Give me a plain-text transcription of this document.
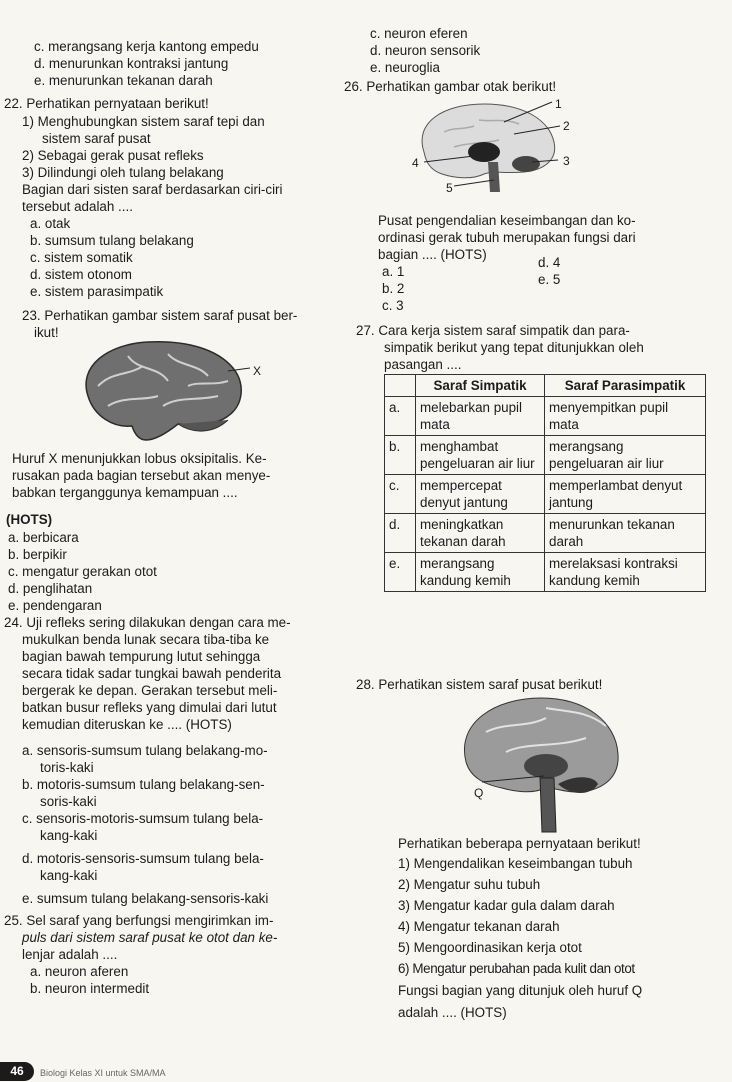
c. merangsang kerja kantong empedu
d. menurunkan kontraksi jantung
e. menurunkan tekanan darah
22. Perhatikan pernyataan berikut!
1) Menghubungkan sistem saraf tepi dan
sistem saraf pusat
2) Sebagai gerak pusat refleks
3) Dilindungi oleh tulang belakang
Bagian dari sisten saraf berdasarkan ciri-ciri
tersebut adalah ....
a. otak
b. sumsum tulang belakang
c. sistem somatik
d. sistem otonom
e. sistem parasimpatik
23. Perhatikan gambar sistem saraf pusat ber-
ikut!
X
Huruf X menunjukkan lobus oksipitalis. Ke-
rusakan pada bagian tersebut akan menye-
babkan terganggunya kemampuan ....
(HOTS)
a. berbicara
b. berpikir
c. mengatur gerakan otot
d. penglihatan
e. pendengaran
24. Uji refleks sering dilakukan dengan cara me-
mukulkan benda lunak secara tiba-tiba ke
bagian bawah tempurung lutut sehingga
secara tidak sadar tungkai bawah penderita
bergerak ke depan. Gerakan tersebut meli-
batkan busur refleks yang dimulai dari lutut
kemudian diteruskan ke .... (HOTS)
a. sensoris-sumsum tulang belakang-mo-
toris-kaki
b. motoris-sumsum tulang belakang-sen-
soris-kaki
c. sensoris-motoris-sumsum tulang bela-
kang-kaki
d. motoris-sensoris-sumsum tulang bela-
kang-kaki
e. sumsum tulang belakang-sensoris-kaki
25. Sel saraf yang berfungsi mengirimkan im-
puls dari sistem saraf pusat ke otot dan ke-
lenjar adalah ....
a. neuron aferen
b. neuron intermedit
c. neuron eferen
d. neuron sensorik
e. neuroglia
26. Perhatikan gambar otak berikut!
1
2
3
4
5
Pusat pengendalian keseimbangan dan ko-
ordinasi gerak tubuh merupakan fungsi dari
bagian .... (HOTS)
a. 1
b. 2
c. 3
d. 4
e. 5
27. Cara kerja sistem saraf simpatik dan para-
simpatik berikut yang tepat ditunjukkan oleh
pasangan ....
	Saraf Simpatik	Saraf Parasimpatik
a.	melebarkan pupil mata	menyempitkan pupil mata
b.	menghambat pengeluaran air liur	merangsang pengeluaran air liur
c.	mempercepat denyut jantung	memperlambat denyut jantung
d.	meningkatkan tekanan darah	menurunkan tekanan darah
e.	merangsang kandung kemih	merelaksasi kontraksi kandung kemih
28. Perhatikan sistem saraf pusat berikut!
Q
Perhatikan beberapa pernyataan berikut!
1) Mengendalikan keseimbangan tubuh
2) Mengatur suhu tubuh
3) Mengatur kadar gula dalam darah
4) Mengatur tekanan darah
5) Mengoordinasikan kerja otot
6) Mengatur perubahan pada kulit dan otot
Fungsi bagian yang ditunjuk oleh huruf Q
adalah .... (HOTS)
46	Biologi Kelas XI untuk SMA/MA
